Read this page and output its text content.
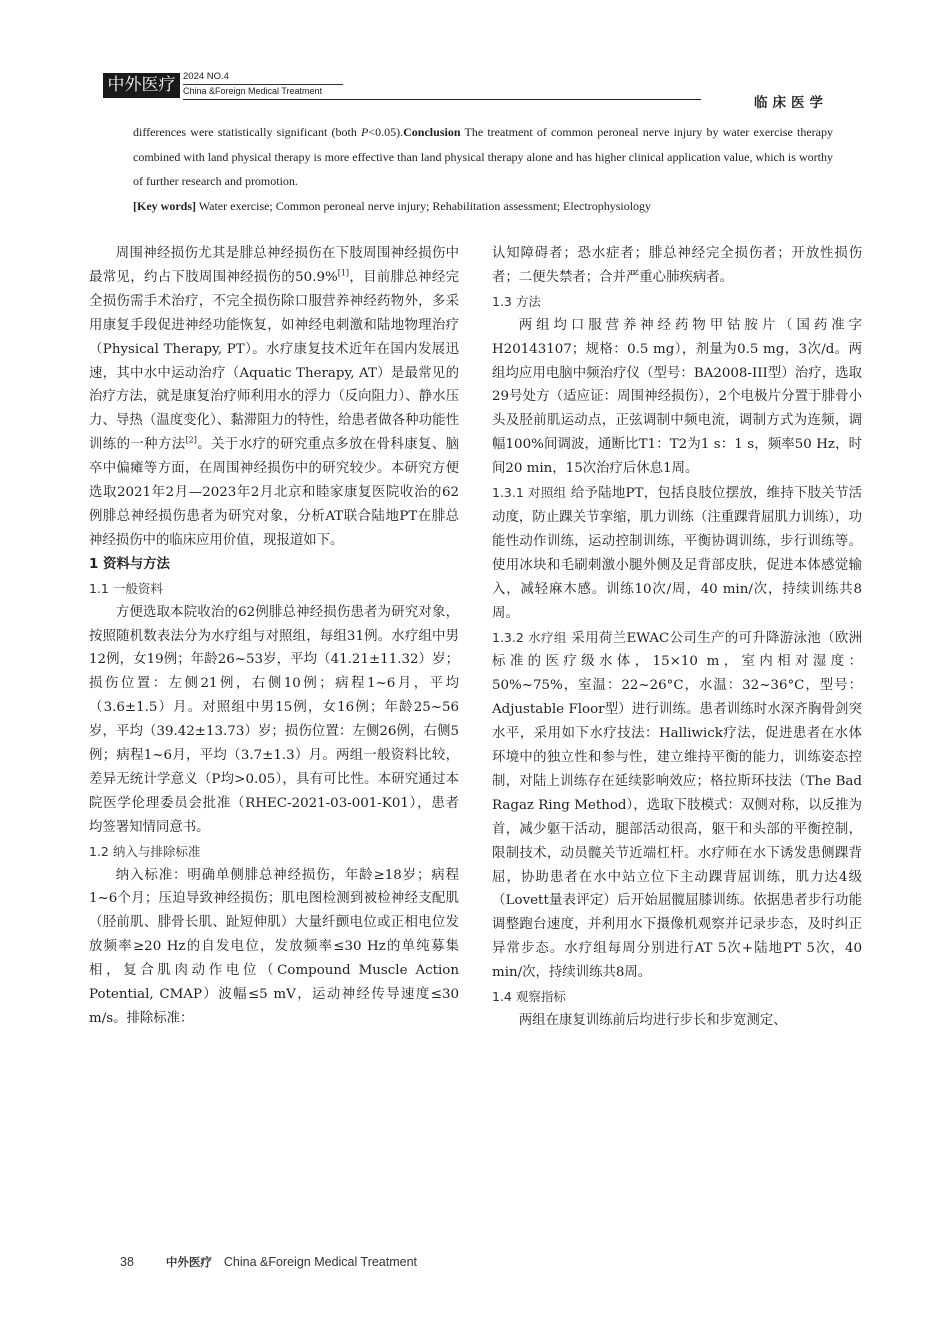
中外医疗 2024 NO.4
China &Foreign Medical Treatment
临床医学

differences were statistically significant (both P<0.05).Conclusion The treatment of common peroneal nerve injury by water exercise therapy combined with land physical therapy is more effective than land physical therapy alone and has higher clinical application value, which is worthy of further research and promotion.

[Key words] Water exercise; Common peroneal nerve injury; Rehabilitation assessment; Electrophysiology

周围神经损伤尤其是腓总神经损伤在下肢周围神经损伤中最常见，约占下肢周围神经损伤的50.9%[1]，目前腓总神经完全损伤需手术治疗，不完全损伤除口服营养神经药物外，多采用康复手段促进神经功能恢复，如神经电刺激和陆地物理治疗（Physical Therapy, PT）。水疗康复技术近年在国内发展迅速，其中水中运动治疗（Aquatic Therapy, AT）是最常见的治疗方法，就是康复治疗师利用水的浮力（反向阻力）、静水压力、导热（温度变化）、黏滞阻力的特性，给患者做各种功能性训练的一种方法[2]。关于水疗的研究重点多放在骨科康复、脑卒中偏瘫等方面，在周围神经损伤中的研究较少。本研究方便选取2021年2月—2023年2月北京和睦家康复医院收治的62例腓总神经损伤患者为研究对象，分析AT联合陆地PT在腓总神经损伤中的临床应用价值，现报道如下。

1 资料与方法

1.1 一般资料

方便选取本院收治的62例腓总神经损伤患者为研究对象，按照随机数表法分为水疗组与对照组，每组31例。水疗组中男12例，女19例；年龄26~53岁，平均（41.21±11.32）岁；损伤位置：左侧21例，右侧10例；病程1~6月，平均（3.6±1.5）月。对照组中男15例，女16例；年龄25~56岁，平均（39.42±13.73）岁；损伤位置：左侧26例，右侧5例；病程1~6月，平均（3.7±1.3）月。两组一般资料比较，差异无统计学意义（P均>0.05），具有可比性。本研究通过本院医学伦理委员会批准（RHEC-2021-03-001-K01），患者均签署知情同意书。

1.2 纳入与排除标准

纳入标准：明确单侧腓总神经损伤，年龄≥18岁；病程1~6个月；压迫导致神经损伤；肌电图检测到被检神经支配肌（胫前肌、腓骨长肌、趾短伸肌）大量纤颤电位或正相电位发放频率≥20 Hz的自发电位，发放频率≤30 Hz的单纯募集相，复合肌肉动作电位（Compound Muscle Action Potential, CMAP）波幅≤5 mV，运动神经传导速度≤30 m/s。排除标准：

认知障碍者；恐水症者；腓总神经完全损伤者；开放性损伤者；二便失禁者；合并严重心肺疾病者。

1.3 方法

两组均口服营养神经药物甲钴胺片（国药准字H20143107；规格：0.5 mg），剂量为0.5 mg，3次/d。两组均应用电脑中频治疗仪（型号：BA2008-III型）治疗，选取29号处方（适应证：周围神经损伤），2个电极片分置于腓骨小头及胫前肌运动点，正弦调制中频电流，调制方式为连频，调幅100%间调波，通断比T1：T2为1 s：1 s，频率50 Hz，时间20 min，15次治疗后休息1周。

1.3.1 对照组 给予陆地PT，包括良肢位摆放，维持下肢关节活动度，防止踝关节挛缩，肌力训练（注重踝背屈肌力训练），功能性动作训练，运动控制训练，平衡协调训练，步行训练等。使用冰块和毛刷刺激小腿外侧及足背部皮肤，促进本体感觉输入，减轻麻木感。训练10次/周，40 min/次，持续训练共8周。

1.3.2 水疗组 采用荷兰EWAC公司生产的可升降游泳池（欧洲标准的医疗级水体，15×10 m，室内相对湿度：50%~75%，室温：22~26°C，水温：32~36°C，型号：Adjustable Floor型）进行训练。患者训练时水深齐胸骨剑突水平，采用如下水疗技法：Halliwick疗法，促进患者在水体环境中的独立性和参与性，建立维持平衡的能力，训练姿态控制，对陆上训练存在延续影响效应；格拉斯环技法（The Bad Ragaz Ring Method），选取下肢模式：双侧对称，以反推为首，减少躯干活动，腿部活动很高，躯干和头部的平衡控制，限制技术，动员髋关节近端杠杆。水疗师在水下诱发患侧踝背屈，协助患者在水中站立位下主动踝背屈训练，肌力达4级（Lovett量表评定）后开始屈髋屈膝训练。依据患者步行功能调整跑台速度，并利用水下摄像机观察并记录步态，及时纠正异常步态。水疗组每周分别进行AT 5次+陆地PT 5次，40 min/次，持续训练共8周。

1.4 观察指标

两组在康复训练前后均进行步长和步宽测定、

38	中外医疗 China &Foreign Medical Treatment
